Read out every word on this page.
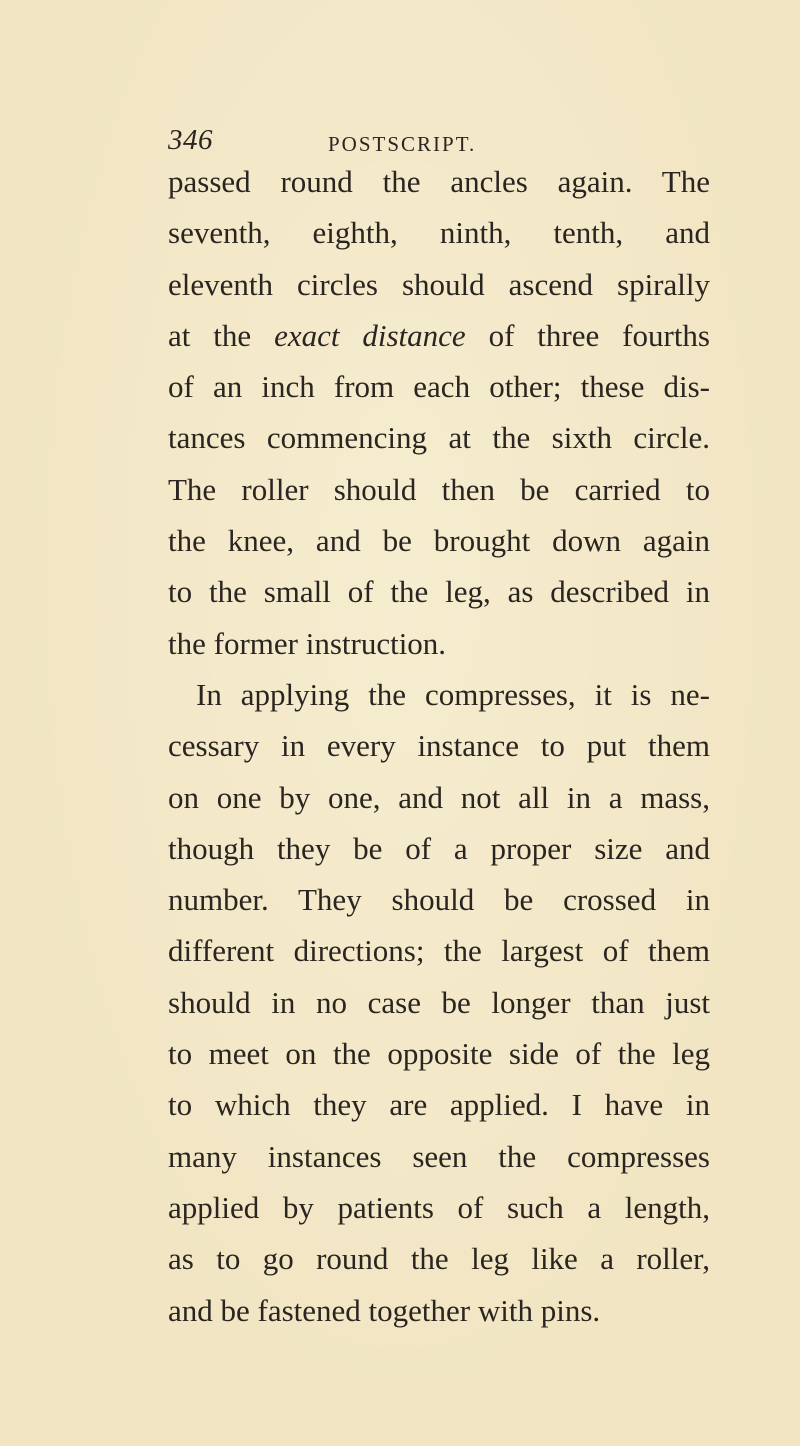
346	POSTSCRIPT.
passed round the ancles again. The
seventh, eighth, ninth, tenth, and
eleventh circles should ascend spirally
at the exact distance of three fourths
of an inch from each other; these dis-
tances commencing at the sixth circle.
The roller should then be carried to
the knee, and be brought down again
to the small of the leg, as described in
the former instruction.
In applying the compresses, it is ne-
cessary in every instance to put them
on one by one, and not all in a mass,
though they be of a proper size and
number. They should be crossed in
different directions; the largest of them
should in no case be longer than just
to meet on the opposite side of the leg
to which they are applied. I have in
many instances seen the compresses
applied by patients of such a length,
as to go round the leg like a roller,
and be fastened together with pins.
